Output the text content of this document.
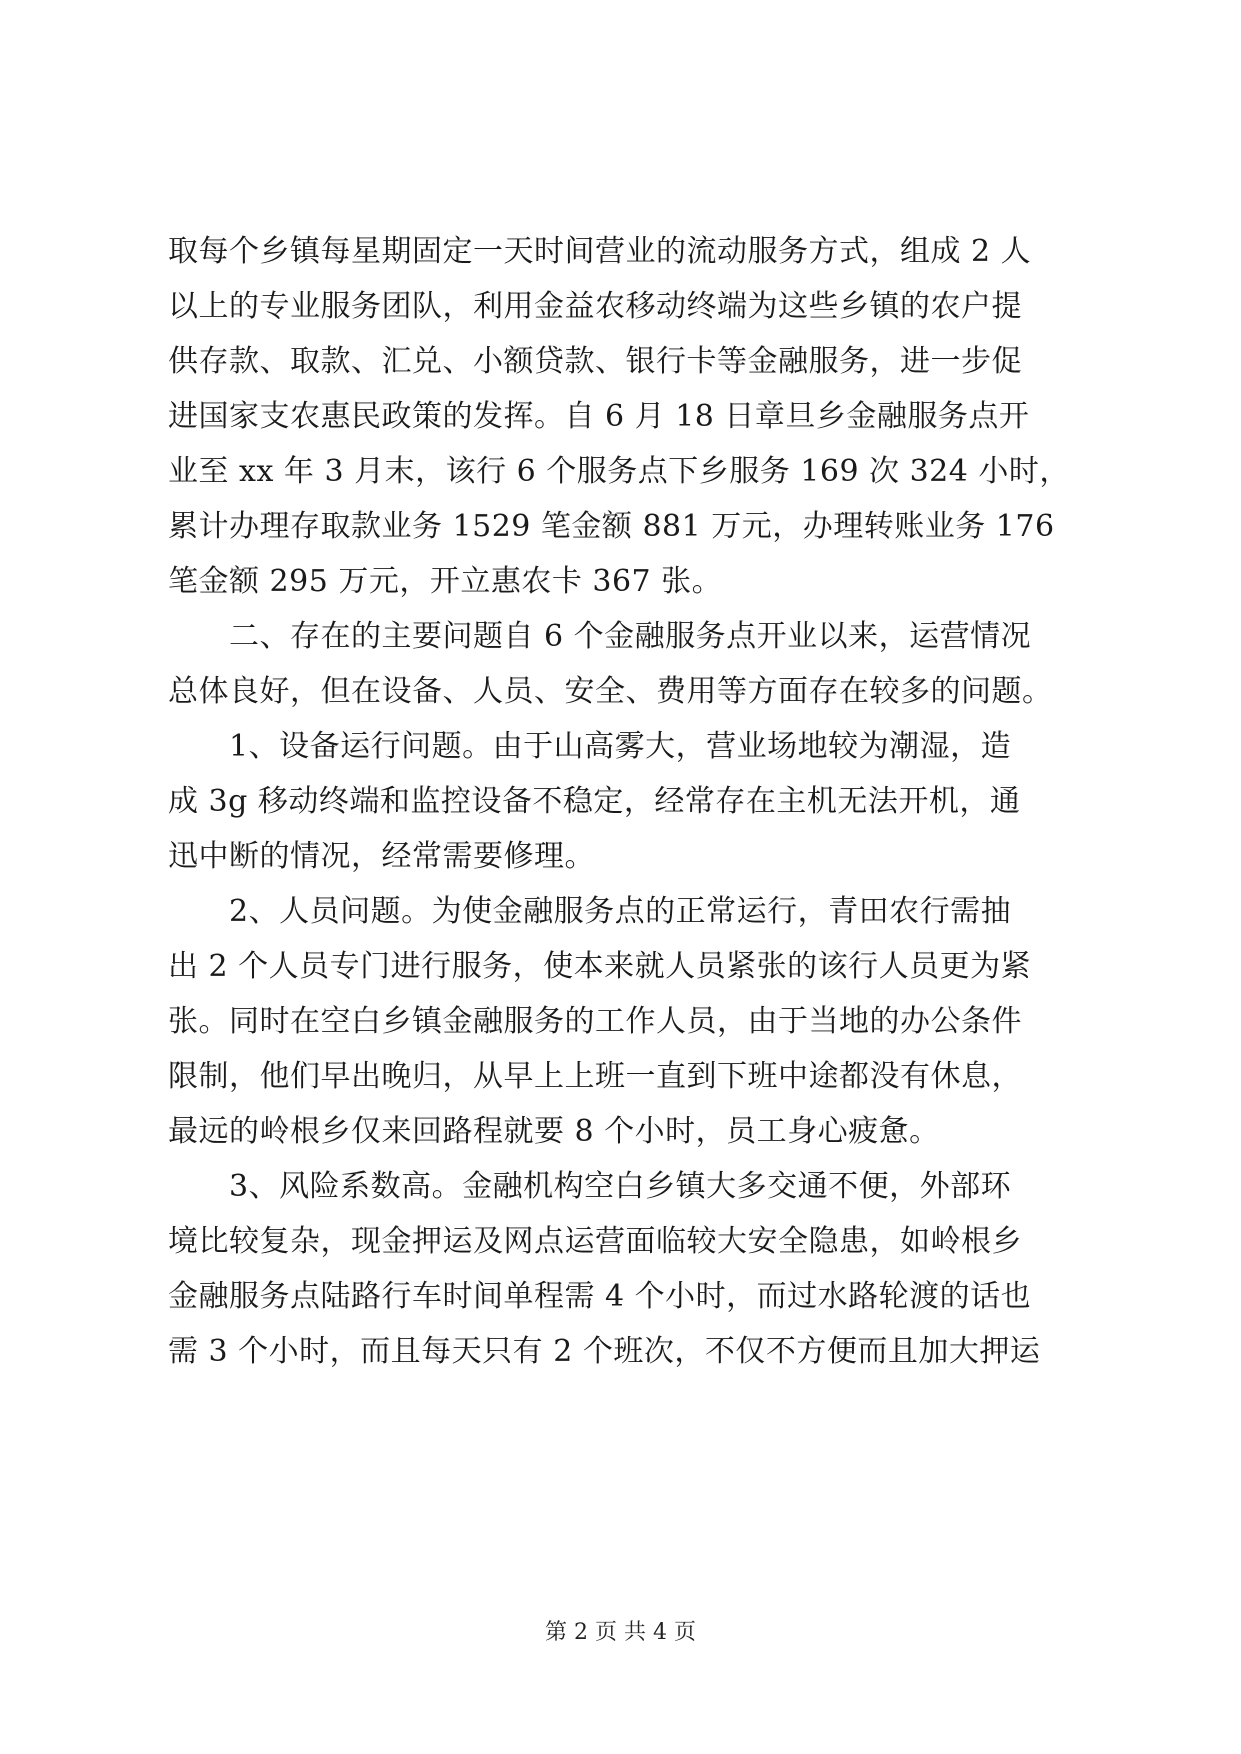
取每个乡镇每星期固定一天时间营业的流动服务方式，组成 2 人
以上的专业服务团队，利用金益农移动终端为这些乡镇的农户提
供存款、取款、汇兑、小额贷款、银行卡等金融服务，进一步促
进国家支农惠民政策的发挥。自 6 月 18 日章旦乡金融服务点开
业至 xx 年 3 月末，该行 6 个服务点下乡服务 169 次 324 小时，
累计办理存取款业务 1529 笔金额 881 万元，办理转账业务 176
笔金额 295 万元，开立惠农卡 367 张。
　　二、存在的主要问题自 6 个金融服务点开业以来，运营情况
总体良好，但在设备、人员、安全、费用等方面存在较多的问题。
　　1、设备运行问题。由于山高雾大，营业场地较为潮湿，造
成 3g 移动终端和监控设备不稳定，经常存在主机无法开机，通
迅中断的情况，经常需要修理。
　　2、人员问题。为使金融服务点的正常运行，青田农行需抽
出 2 个人员专门进行服务，使本来就人员紧张的该行人员更为紧
张。同时在空白乡镇金融服务的工作人员，由于当地的办公条件
限制，他们早出晚归，从早上上班一直到下班中途都没有休息，
最远的岭根乡仅来回路程就要 8 个小时，员工身心疲惫。
　　3、风险系数高。金融机构空白乡镇大多交通不便，外部环
境比较复杂，现金押运及网点运营面临较大安全隐患，如岭根乡
金融服务点陆路行车时间单程需 4 个小时，而过水路轮渡的话也
需 3 个小时，而且每天只有 2 个班次，不仅不方便而且加大押运
第 2 页 共 4 页
